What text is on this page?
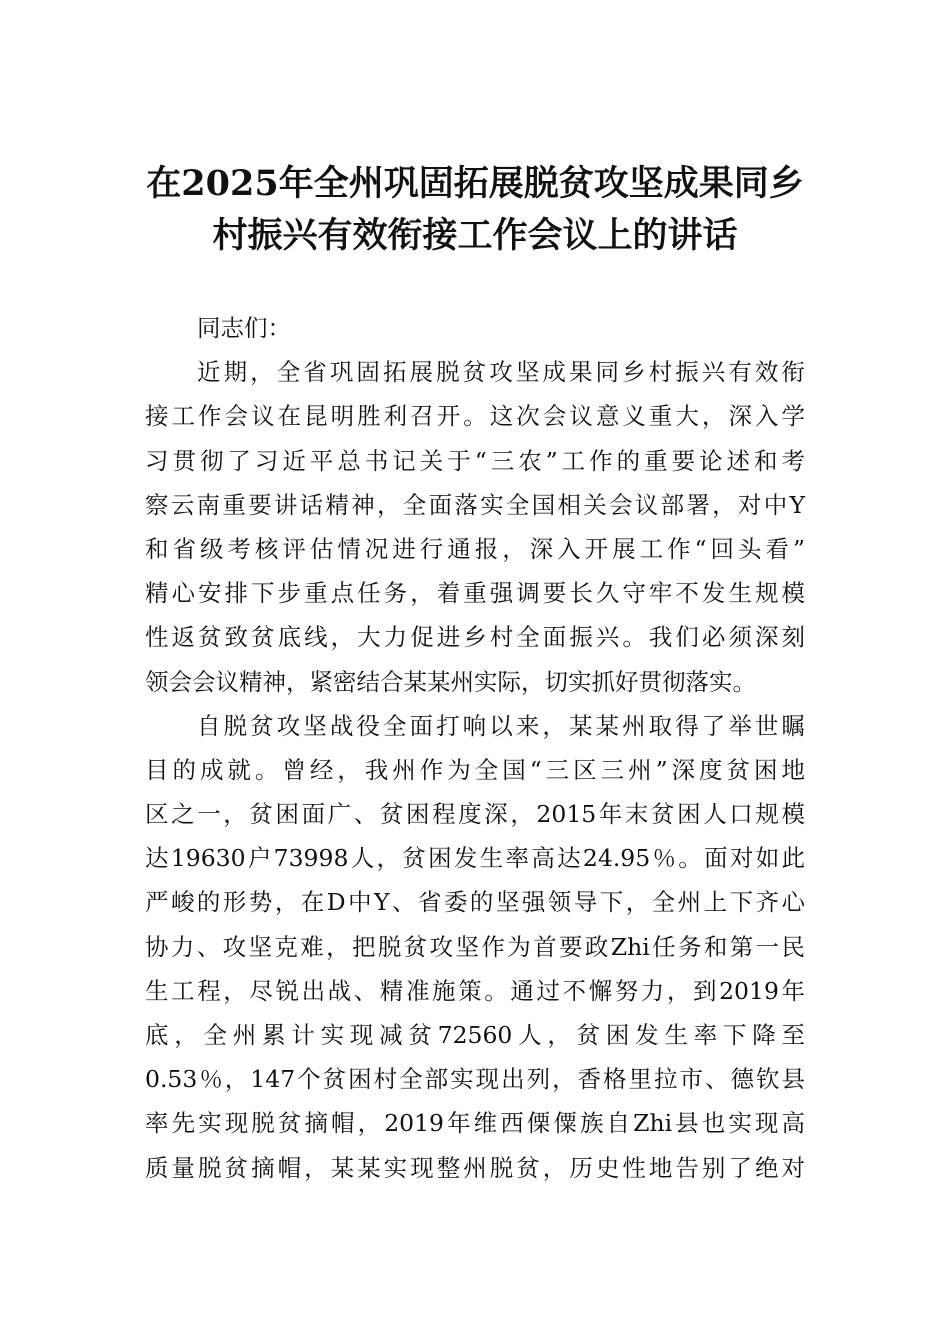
在2025年全州巩固拓展脱贫攻坚成果同乡
村振兴有效衔接工作会议上的讲话
同志们：
近期，全省巩固拓展脱贫攻坚成果同乡村振兴有效衔
接工作会议在昆明胜利召开。这次会议意义重大，深入学
习贯彻了习近平总书记关于“三农”工作的重要论述和考
察云南重要讲话精神，全面落实全国相关会议部署，对中Y
和省级考核评估情况进行通报，深入开展工作“回头看”
精心安排下步重点任务，着重强调要长久守牢不发生规模
性返贫致贫底线，大力促进乡村全面振兴。我们必须深刻
领会会议精神，紧密结合某某州实际，切实抓好贯彻落实。
自脱贫攻坚战役全面打响以来，某某州取得了举世瞩
目的成就。曾经，我州作为全国“三区三州”深度贫困地
区之一，贫困面广、贫困程度深，2015年末贫困人口规模
达19630户73998人，贫困发生率高达24.95％。面对如此
严峻的形势，在D中Y、省委的坚强领导下，全州上下齐心
协力、攻坚克难，把脱贫攻坚作为首要政Zhi任务和第一民
生工程，尽锐出战、精准施策。通过不懈努力，到2019年
底，全州累计实现减贫72560人，贫困发生率下降至
0.53％，147个贫困村全部实现出列，香格里拉市、德钦县
率先实现脱贫摘帽，2019年维西傈僳族自Zhi县也实现高
质量脱贫摘帽，某某实现整州脱贫，历史性地告别了绝对
